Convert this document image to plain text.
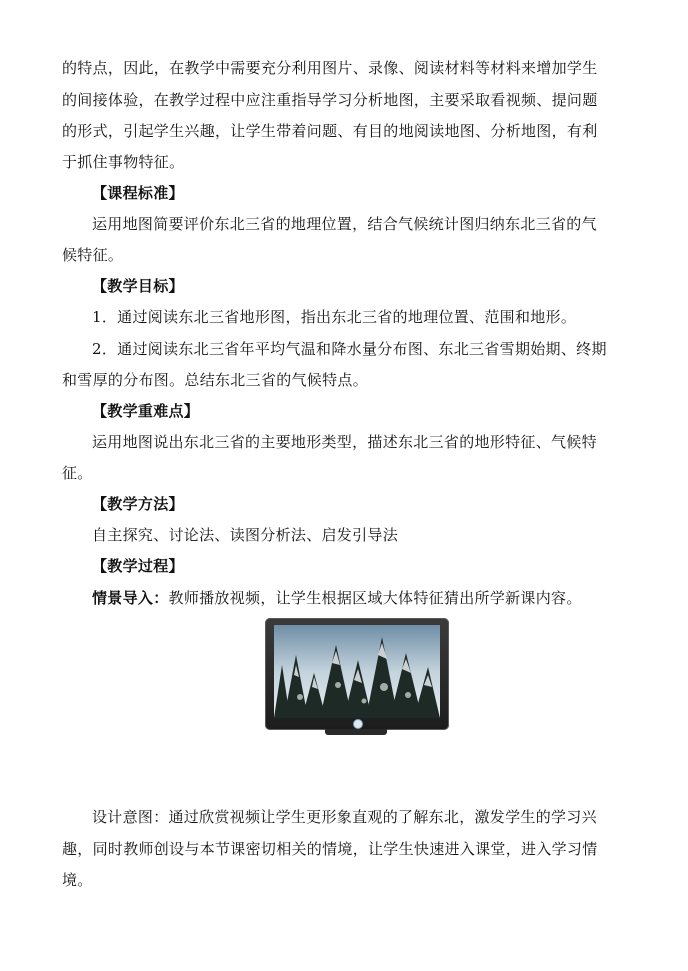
的特点，因此，在教学中需要充分利用图片、录像、阅读材料等材料来增加学生
的间接体验，在教学过程中应注重指导学习分析地图，主要采取看视频、提问题
的形式，引起学生兴趣，让学生带着问题、有目的地阅读地图、分析地图，有利
于抓住事物特征。
【课程标准】
运用地图简要评价东北三省的地理位置，结合气候统计图归纳东北三省的气
候特征。
【教学目标】
1．通过阅读东北三省地形图，指出东北三省的地理位置、范围和地形。
2．通过阅读东北三省年平均气温和降水量分布图、东北三省雪期始期、终期
和雪厚的分布图。总结东北三省的气候特点。
【教学重难点】
运用地图说出东北三省的主要地形类型，描述东北三省的地形特征、气候特
征。
【教学方法】
自主探究、讨论法、读图分析法、启发引导法
【教学过程】
情景导入：教师播放视频，让学生根据区域大体特征猜出所学新课内容。
设计意图：通过欣赏视频让学生更形象直观的了解东北，激发学生的学习兴
趣，同时教师创设与本节课密切相关的情境，让学生快速进入课堂，进入学习情
境。
